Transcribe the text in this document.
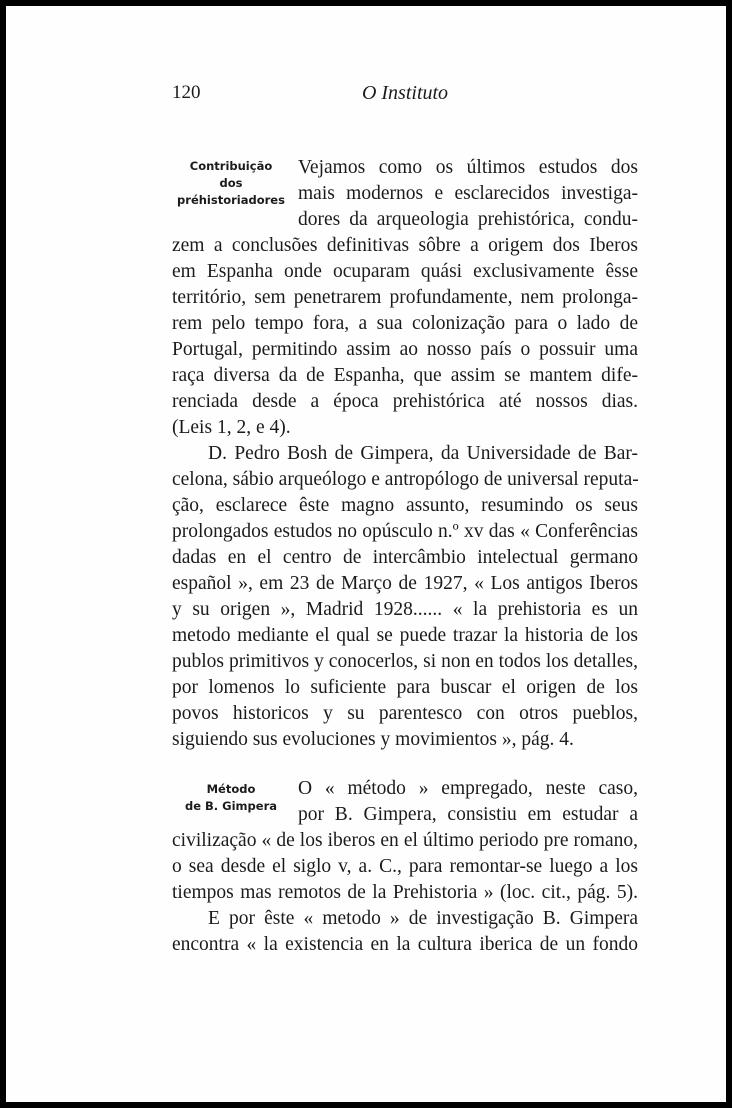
120	O Instituto
Contribuição
dos
préhistoriadores
Vejamos como os últimos estudos dos
mais modernos e esclarecidos investiga-
dores da arqueologia prehistórica, condu-
zem a conclusões definitivas sôbre a origem dos Iberos
em Espanha onde ocuparam quási exclusivamente êsse
território, sem penetrarem profundamente, nem prolonga-
rem pelo tempo fora, a sua colonização para o lado de
Portugal, permitindo assim ao nosso país o possuir uma
raça diversa da de Espanha, que assim se mantem dife-
renciada desde a época prehistórica até nossos dias.
(Leis 1, 2, e 4).
D. Pedro Bosh de Gimpera, da Universidade de Bar-
celona, sábio arqueólogo e antropólogo de universal reputa-
ção, esclarece êste magno assunto, resumindo os seus
prolongados estudos no opúsculo n.º xv das « Conferências
dadas en el centro de intercâmbio intelectual germano
español », em 23 de Março de 1927, « Los antigos Iberos
y su origen », Madrid 1928...... « la prehistoria es un
metodo mediante el qual se puede trazar la historia de los
publos primitivos y conocerlos, si non en todos los detalles,
por lomenos lo suficiente para buscar el origen de los
povos historicos y su parentesco con otros pueblos,
siguiendo sus evoluciones y movimientos », pág. 4.
Método
de B. Gimpera
O « método » empregado, neste caso,
por B. Gimpera, consistiu em estudar a
civilização « de los iberos en el último periodo pre romano,
o sea desde el siglo v, a. C., para remontar-se luego a los
tiempos mas remotos de la Prehistoria » (loc. cit., pág. 5).
E por êste « metodo » de investigação B. Gimpera
encontra « la existencia en la cultura iberica de un fondo
